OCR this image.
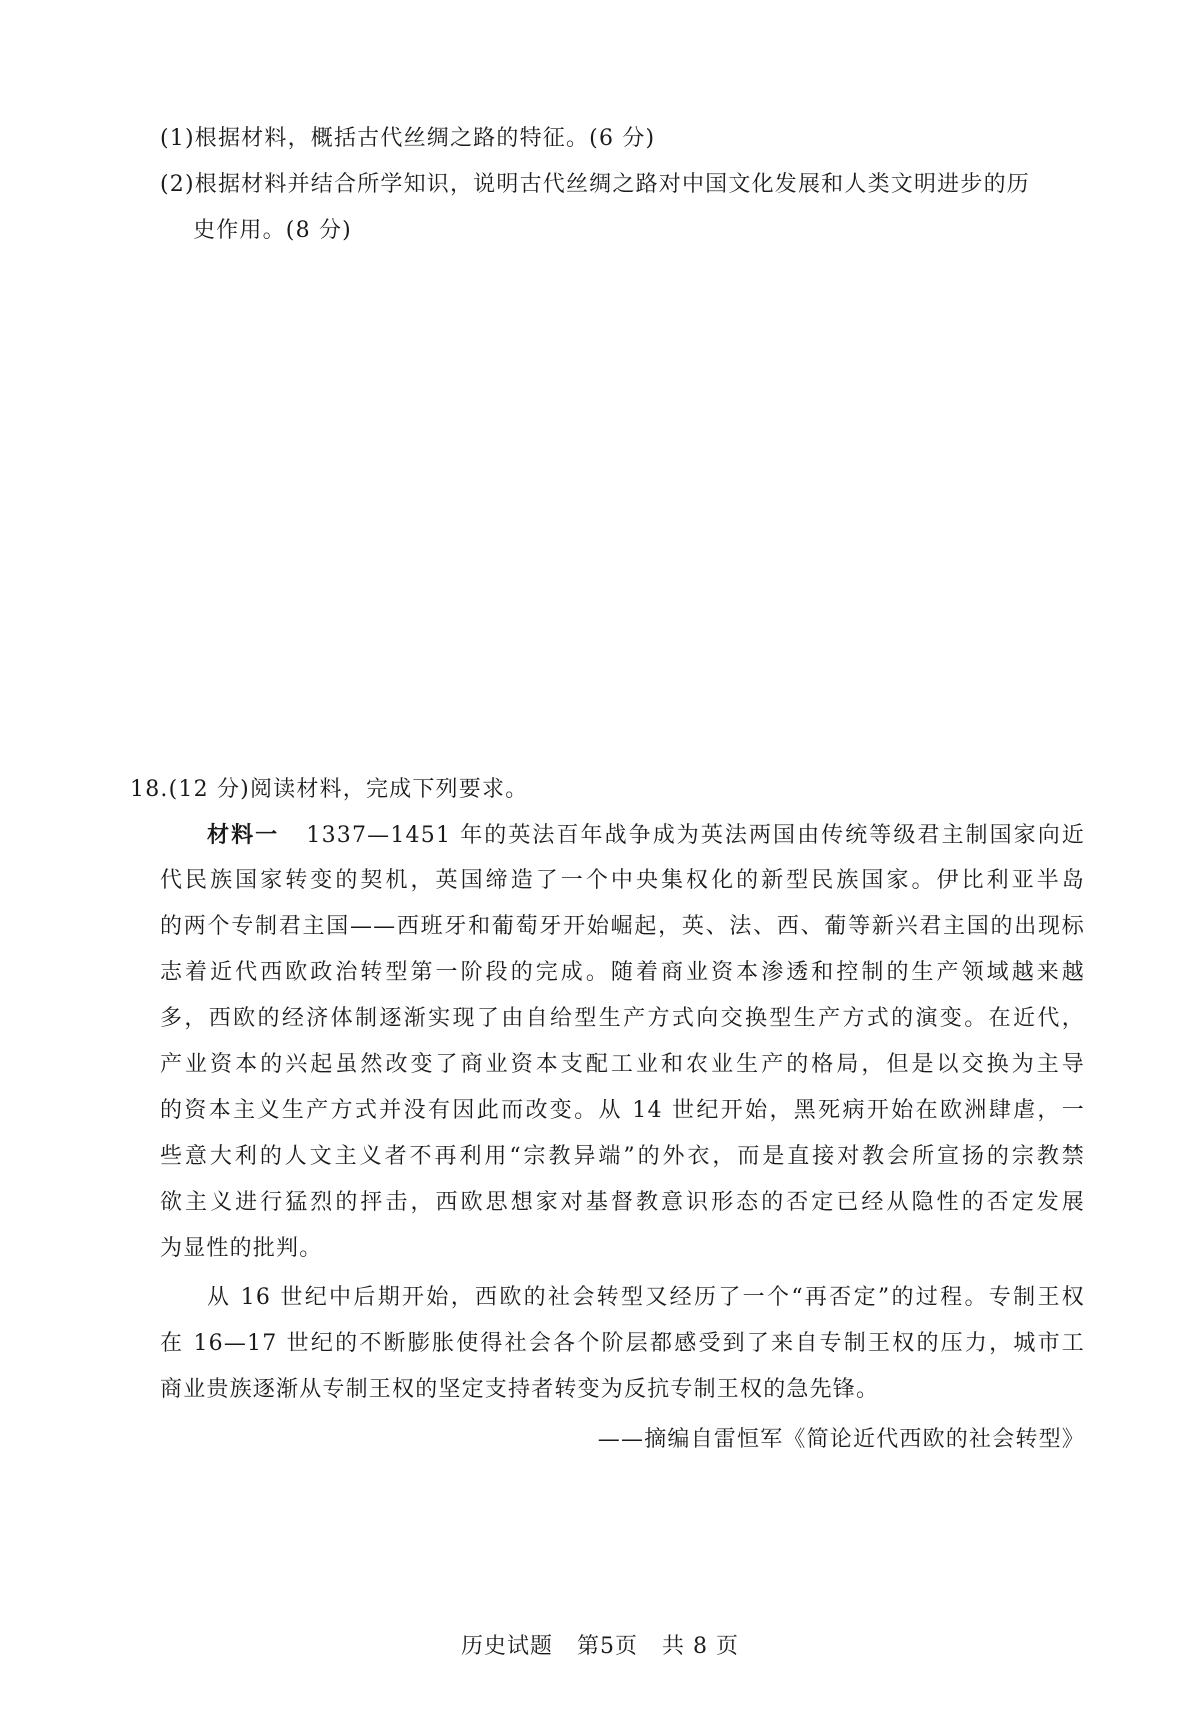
(1)根据材料，概括古代丝绸之路的特征。(6 分)
(2)根据材料并结合所学知识，说明古代丝绸之路对中国文化发展和人类文明进步的历
史作用。(8 分)
18.(12 分)阅读材料，完成下列要求。
材料一 1337—1451 年的英法百年战争成为英法两国由传统等级君主制国家向近
代民族国家转变的契机，英国缔造了一个中央集权化的新型民族国家。伊比利亚半岛
的两个专制君主国——西班牙和葡萄牙开始崛起，英、法、西、葡等新兴君主国的出现标
志着近代西欧政治转型第一阶段的完成。随着商业资本渗透和控制的生产领域越来越
多，西欧的经济体制逐渐实现了由自给型生产方式向交换型生产方式的演变。在近代，
产业资本的兴起虽然改变了商业资本支配工业和农业生产的格局，但是以交换为主导
的资本主义生产方式并没有因此而改变。从 14 世纪开始，黑死病开始在欧洲肆虐，一
些意大利的人文主义者不再利用“宗教异端”的外衣，而是直接对教会所宣扬的宗教禁
欲主义进行猛烈的抨击，西欧思想家对基督教意识形态的否定已经从隐性的否定发展
为显性的批判。
从 16 世纪中后期开始，西欧的社会转型又经历了一个“再否定”的过程。专制王权
在 16—17 世纪的不断膨胀使得社会各个阶层都感受到了来自专制王权的压力，城市工
商业贵族逐渐从专制王权的坚定支持者转变为反抗专制王权的急先锋。
——摘编自雷恒军《简论近代西欧的社会转型》
历史试题 第5页 共 8 页
